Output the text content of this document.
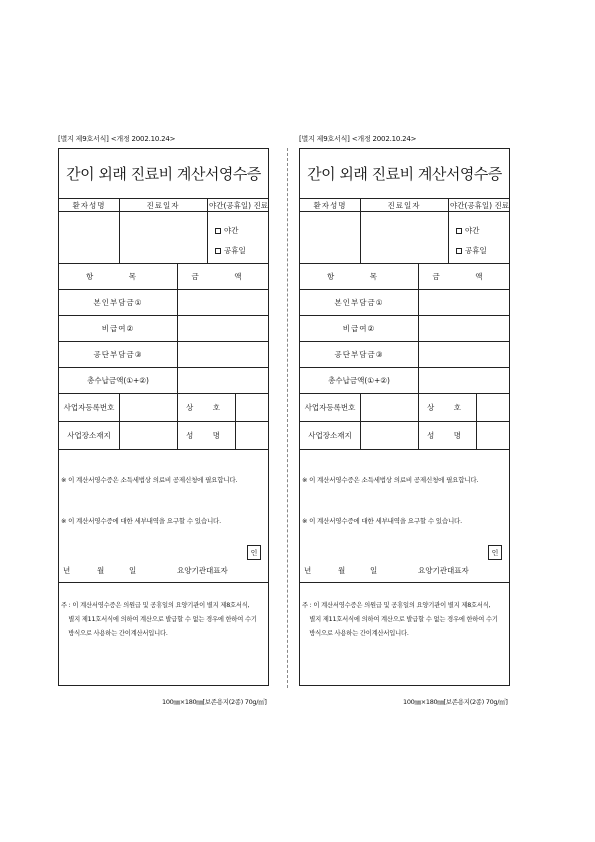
[별지 제9호서식] <개정 2002.10.24>
간이 외래 진료비 계산서영수증
환자성명	진료일자	야간(공휴일) 진료
야간
공휴일
항　목	금　액
본인부담금①
비급여②
공단부담금③
총수납금액(①+②)
사업자등록번호	상　호
사업장소재지	성　명
※ 이 계산서영수증은 소득세법상 의료비 공제신청에 필요합니다.
※ 이 계산서영수증에 대한 세부내역을 요구할 수 있습니다.
인
년	월	일	요양기관대표자
주 : 이 계산서영수증은 의원급 및 공휴일의 요양기관이 별지 제8호서식,
별지 제11호서식에 의하여 계산으로 발급할 수 없는 경우에 한하여 수기
방식으로 사용하는 간이계산서입니다.
100㎜×180㎜[보존용지(2종) 70g/㎡]
[별지 제9호서식] <개정 2002.10.24>
간이 외래 진료비 계산서영수증
환자성명	진료일자	야간(공휴일) 진료
야간
공휴일
항　목	금　액
본인부담금①
비급여②
공단부담금③
총수납금액(①+②)
사업자등록번호	상　호
사업장소재지	성　명
※ 이 계산서영수증은 소득세법상 의료비 공제신청에 필요합니다.
※ 이 계산서영수증에 대한 세부내역을 요구할 수 있습니다.
인
년	월	일	요양기관대표자
주 : 이 계산서영수증은 의원급 및 공휴일의 요양기관이 별지 제8호서식,
별지 제11호서식에 의하여 계산으로 발급할 수 없는 경우에 한하여 수기
방식으로 사용하는 간이계산서입니다.
100㎜×180㎜[보존용지(2종) 70g/㎡]
